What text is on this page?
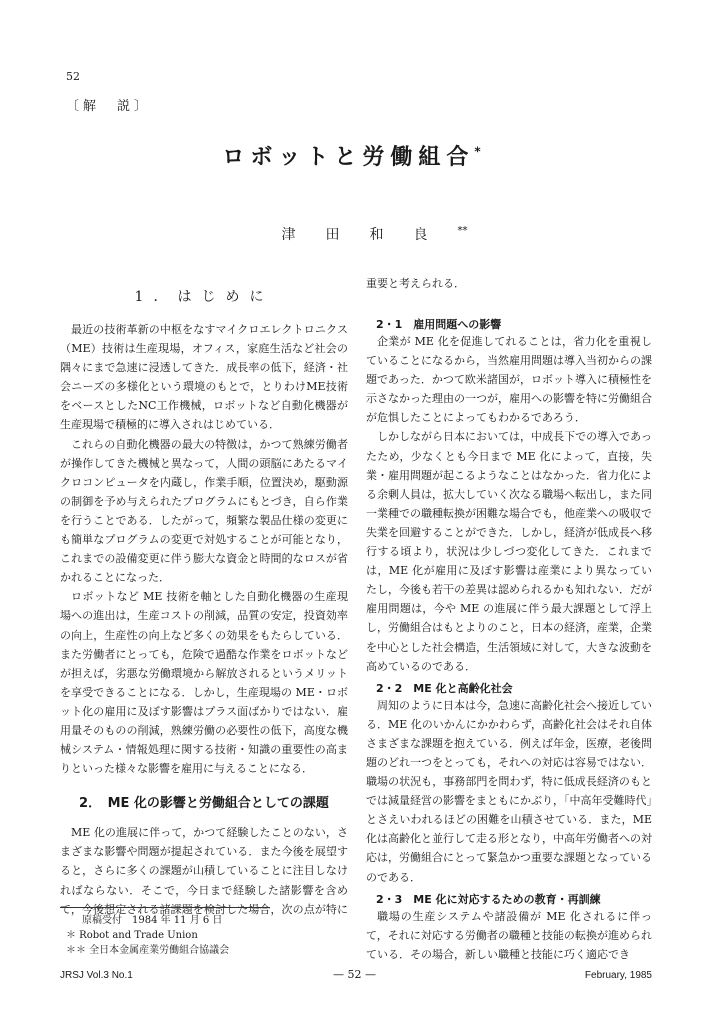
52
〔解　説〕
ロボットと労働組合*
津田和良**
1．はじめに
最近の技術革新の中枢をなすマイクロエレクトロニクス（ME）技術は生産現場，オフィス，家庭生活など社会の隅々にまで急速に浸透してきた．成長率の低下，経済・社会ニーズの多様化という環境のもとで，とりわけME技術をベースとしたNC工作機械，ロボットなど自動化機器が生産現場で積極的に導入されはじめている．
これらの自動化機器の最大の特徴は，かつて熟練労働者が操作してきた機械と異なって，人間の頭脳にあたるマイクロコンピュータを内蔵し，作業手順，位置決め，駆動源の制御を予め与えられたプログラムにもとづき，自ら作業を行うことである．したがって，頻繁な製品仕様の変更にも簡単なプログラムの変更で対処することが可能となり，これまでの設備変更に伴う膨大な資金と時間的なロスが省かれることになった．
ロボットなど ME 技術を軸とした自動化機器の生産現場への進出は，生産コストの削減，品質の安定，投資効率の向上，生産性の向上など多くの効果をもたらしている．また労働者にとっても，危険で過酷な作業をロボットなどが担えば，劣悪な労働環境から解放されるというメリットを享受できることになる．しかし，生産現場の ME・ロボット化の雇用に及ぼす影響はプラス面ばかりではない．雇用量そのものの削減，熟練労働の必要性の低下，高度な機械システム・情報処理に関する技術・知識の重要性の高まりといった様々な影響を雇用に与えることになる．
2．　ME 化の影響と労働組合としての課題
ME 化の進展に伴って，かつて経験したことのない，さまざまな影響や問題が提起されている．また今後を展望すると，さらに多くの課題が山積していることに注目しなければならない．そこで，今日まで経験した諸影響を含めて，今後想定される諸課題を検討した場合，次の点が特に
重要と考えられる．
2・1　雇用問題への影響
企業が ME 化を促進してれることは，省力化を重視していることになるから，当然雇用問題は導入当初からの課題であった．かつて欧米諸国が，ロボット導入に積極性を示さなかった理由の一つが，雇用への影響を特に労働組合が危惧したことによってもわかるであろう．
しかしながら日本においては，中成長下での導入であったため，少なくとも今日まで ME 化によって，直接，失業・雇用問題が起こるようなことはなかった．省力化による余剰人員は，拡大していく次なる職場へ転出し，また同一業種での職種転換が困難な場合でも，他産業への吸収で失業を回避することができた．しかし，経済が低成長へ移行する頃より，状況は少しづつ変化してきた．これまでは，ME 化が雇用に及ぼす影響は産業により異なっていたし，今後も若干の差異は認められるかも知れない．だが雇用問題は，今や ME の進展に伴う最大課題として浮上し，労働組合はもとよりのこと，日本の経済，産業，企業を中心とした社会構造，生活領域に対して，大きな波動を高めているのである．
2・2　ME 化と高齢化社会
周知のように日本は今，急速に高齢化社会へ接近している．ME 化のいかんにかかわらず，高齢化社会はそれ自体さまざまな課題を抱えている．例えば年金，医療，老後問題のどれ一つをとっても，それへの対応は容易ではない．職場の状況も，事務部門を問わず，特に低成長経済のもとでは減量経営の影響をまともにかぶり，「中高年受難時代」とさえいわれるほどの困難を山積させている．また，ME 化は高齢化と並行して走る形となり，中高年労働者への対応は，労働組合にとって緊急かつ重要な課題となっているのである．
2・3　ME 化に対応するための教育・再訓練
職場の生産システムや諸設備が ME 化されるに伴って，それに対応する労働者の職種と技能の転換が進められている．その場合，新しい職種と技能に巧く適応でき
原稿受付　1984 年 11 月 6 日
＊ Robot and Trade Union
＊＊ 全日本金属産業労働組合協議会
JRSJ Vol.3 No.1	— 52 —	February, 1985
